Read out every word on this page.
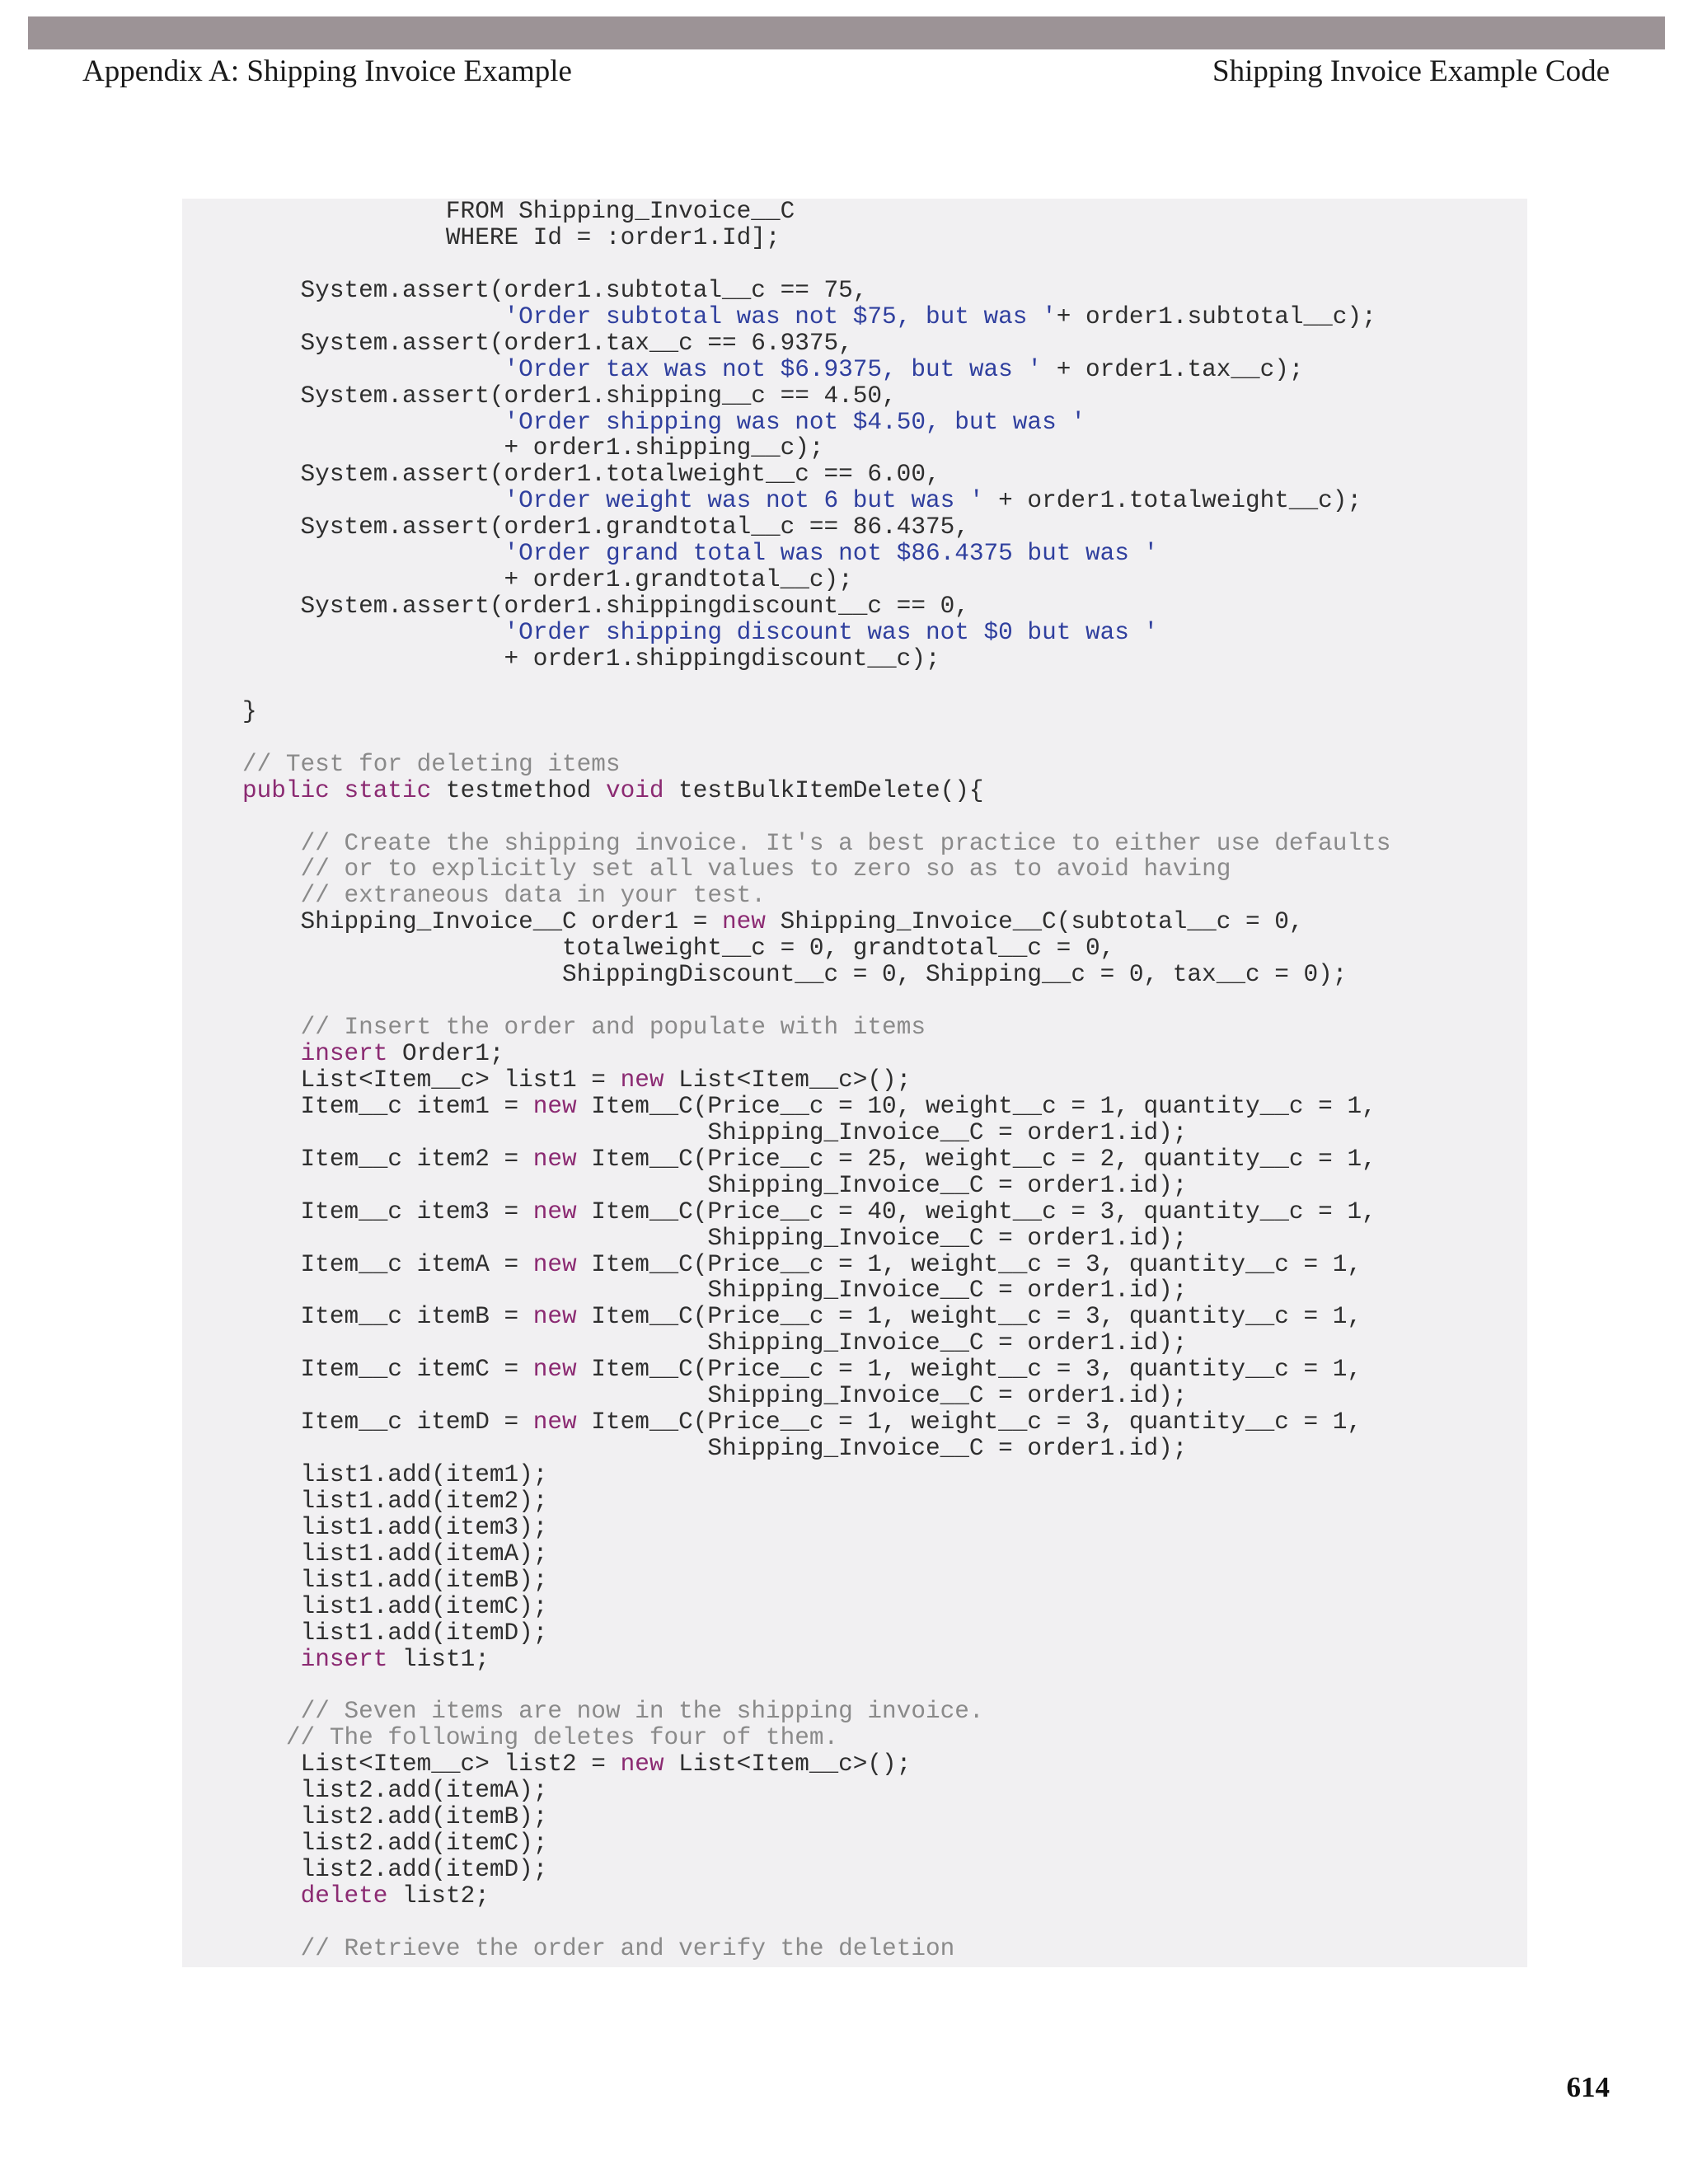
Appendix A: Shipping Invoice Example	Shipping Invoice Example Code
FROM Shipping_Invoice__C
WHERE Id = :order1.Id];

System.assert(order1.subtotal__c == 75,
'Order subtotal was not $75, but was '+ order1.subtotal__c);
System.assert(order1.tax__c == 6.9375,
'Order tax was not $6.9375, but was ' + order1.tax__c);
System.assert(order1.shipping__c == 4.50,
'Order shipping was not $4.50, but was '
+ order1.shipping__c);
System.assert(order1.totalweight__c == 6.00,
'Order weight was not 6 but was ' + order1.totalweight__c);
System.assert(order1.grandtotal__c == 86.4375,
'Order grand total was not $86.4375 but was '
+ order1.grandtotal__c);
System.assert(order1.shippingdiscount__c == 0,
'Order shipping discount was not $0 but was '
+ order1.shippingdiscount__c);

}

// Test for deleting items
public static testmethod void testBulkItemDelete(){

// Create the shipping invoice. It's a best practice to either use defaults
// or to explicitly set all values to zero so as to avoid having
// extraneous data in your test.
Shipping_Invoice__C order1 = new Shipping_Invoice__C(subtotal__c = 0,
totalweight__c = 0, grandtotal__c = 0,
ShippingDiscount__c = 0, Shipping__c = 0, tax__c = 0);

// Insert the order and populate with items
insert Order1;
List<Item__c> list1 = new List<Item__c>();
Item__c item1 = new Item__C(Price__c = 10, weight__c = 1, quantity__c = 1,
Shipping_Invoice__C = order1.id);
Item__c item2 = new Item__C(Price__c = 25, weight__c = 2, quantity__c = 1,
Shipping_Invoice__C = order1.id);
Item__c item3 = new Item__C(Price__c = 40, weight__c = 3, quantity__c = 1,
Shipping_Invoice__C = order1.id);
Item__c itemA = new Item__C(Price__c = 1, weight__c = 3, quantity__c = 1,
Shipping_Invoice__C = order1.id);
Item__c itemB = new Item__C(Price__c = 1, weight__c = 3, quantity__c = 1,
Shipping_Invoice__C = order1.id);
Item__c itemC = new Item__C(Price__c = 1, weight__c = 3, quantity__c = 1,
Shipping_Invoice__C = order1.id);
Item__c itemD = new Item__C(Price__c = 1, weight__c = 3, quantity__c = 1,
Shipping_Invoice__C = order1.id);
list1.add(item1);
list1.add(item2);
list1.add(item3);
list1.add(itemA);
list1.add(itemB);
list1.add(itemC);
list1.add(itemD);
insert list1;

// Seven items are now in the shipping invoice.
// The following deletes four of them.
List<Item__c> list2 = new List<Item__c>();
list2.add(itemA);
list2.add(itemB);
list2.add(itemC);
list2.add(itemD);
delete list2;

// Retrieve the order and verify the deletion
614
